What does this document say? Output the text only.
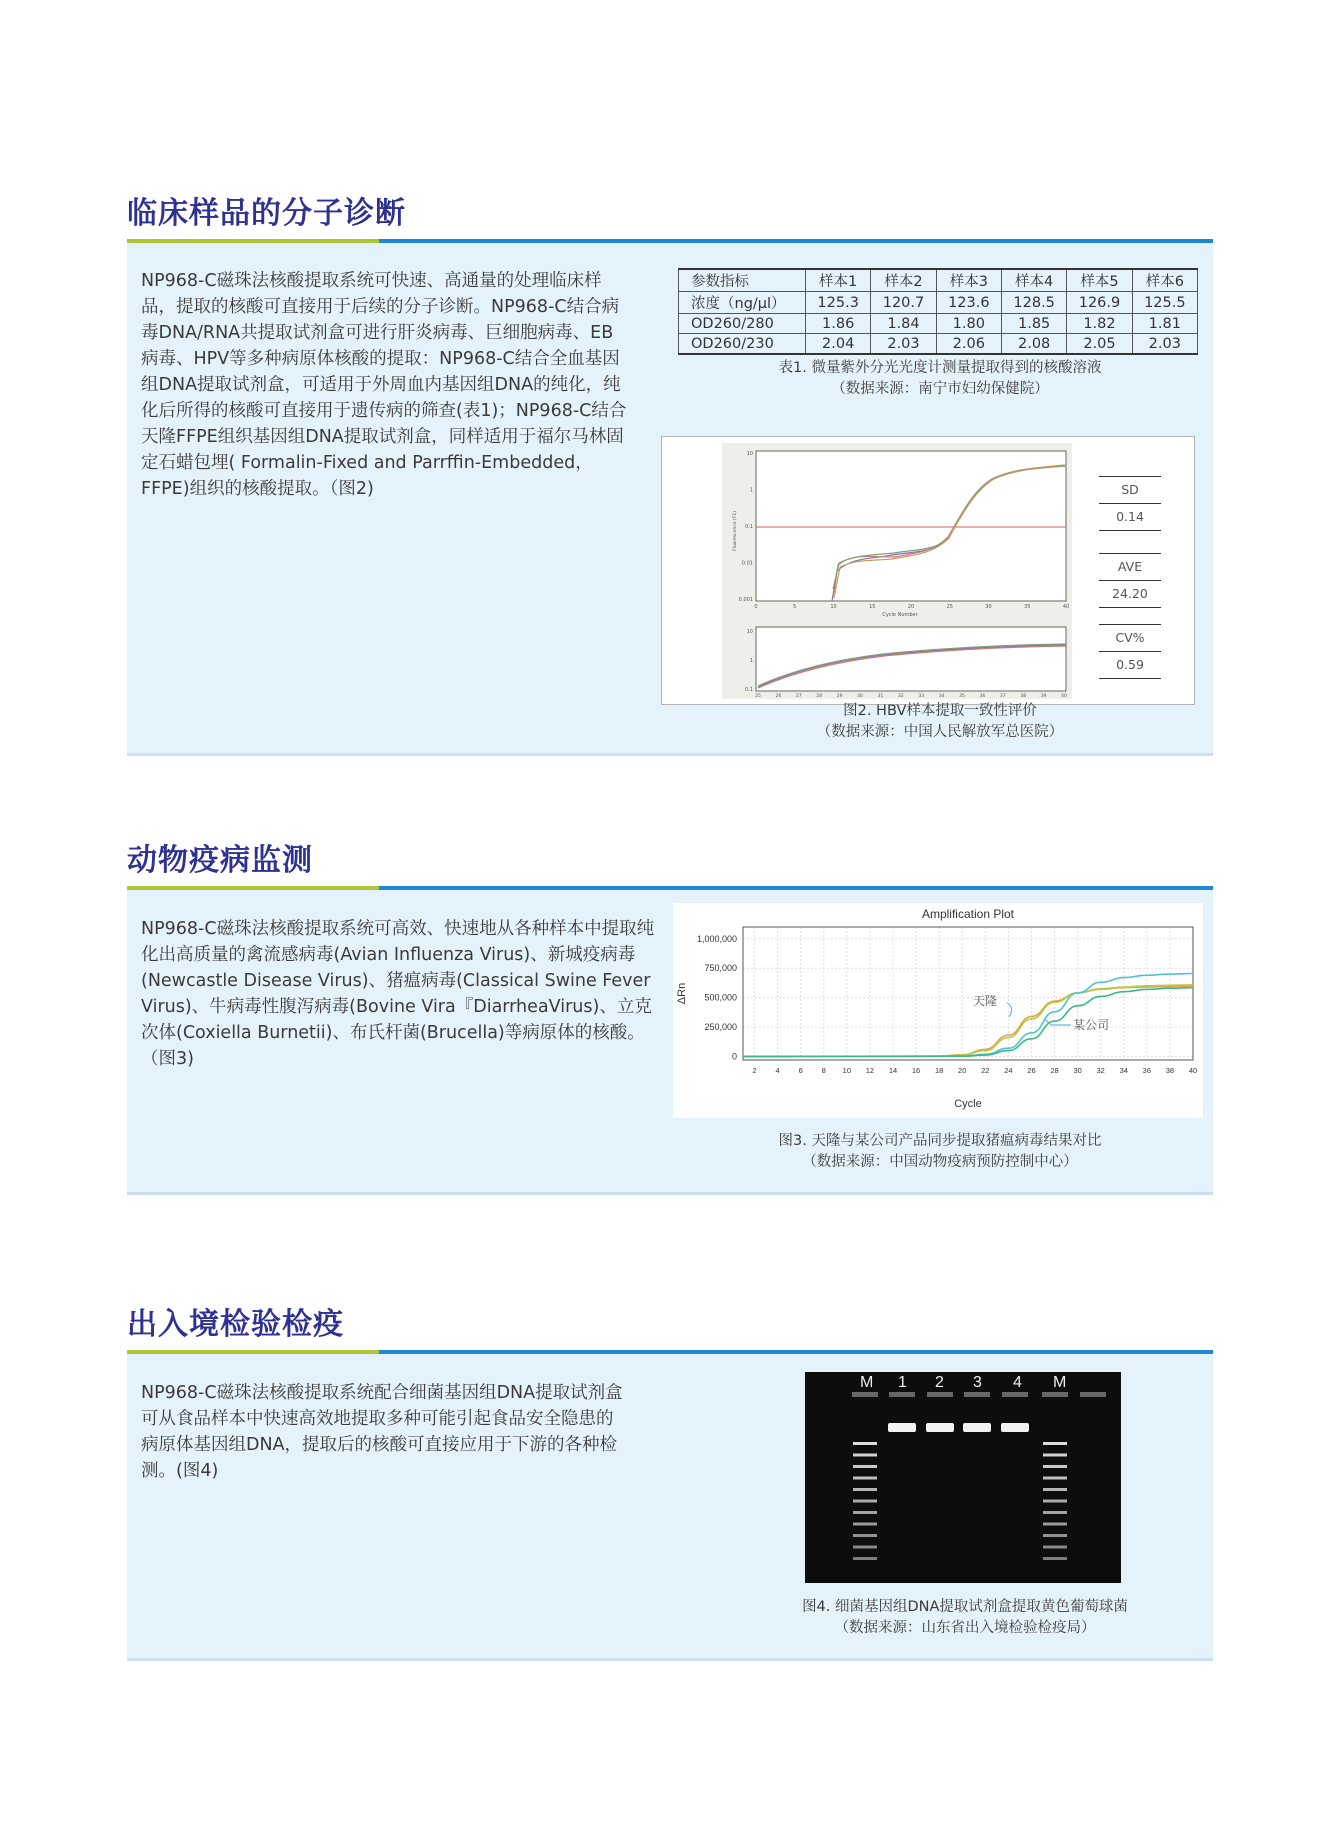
临床样品的分子诊断

NP968-C磁珠法核酸提取系统可快速、高通量的处理临床样品，提取的核酸可直接用于后续的分子诊断。NP968-C结合病毒DNA/RNA共提取试剂盒可进行肝炎病毒、巨细胞病毒、EB病毒、HPV等多种病原体核酸的提取：NP968-C结合全血基因组DNA提取试剂盒，可适用于外周血内基因组DNA的纯化，纯化后所得的核酸可直接用于遗传病的筛查(表1)；NP968-C结合天隆FFPE组织基因组DNA提取试剂盒，同样适用于福尔马林固定石蜡包埋( Formalin-Fixed and Parrffin-Embedded，FFPE)组织的核酸提取。（图2)

参数指标	样本1	样本2	样本3	样本4	样本5	样本6
浓度（ng/μl）	125.3	120.7	123.6	128.5	126.9	125.5
OD260/280	1.86	1.84	1.80	1.85	1.82	1.81
OD260/230	2.04	2.03	2.06	2.08	2.05	2.03
表1. 微量紫外分光光度计测量提取得到的核酸溶液
（数据来源：南宁市妇幼保健院）
10
1
0.1
0.01
0.001
0	5	10	15	20	25	30	35	40
Cycle Number
Fluorescence (F1)
10
1
0.1
25	26	27	28	29	30	31	32	33	34	35	36	37	38	39	40
SD
0.14
AVE
24.20
CV%
0.59
图2. HBV样本提取一致性评价
（数据来源：中国人民解放军总医院）
动物疫病监测

NP968-C磁珠法核酸提取系统可高效、快速地从各种样本中提取纯化出高质量的禽流感病毒(Avian Influenza Virus)、新城疫病毒(Newcastle Disease Virus)、猪瘟病毒(Classical Swine Fever Virus)、牛病毒性腹泻病毒(Bovine Vira『DiarrheaVirus)、立克次体(Coxiella Burnetii)、布氏杆菌(Brucella)等病原体的核酸。（图3)

Amplification Plot
2	4	6	8 10 12 14 16 18 20 22 24 26 28 30 32 34 36 38 40
0
250,000
500,000
750,000
1,000,000
Cycle
ΔRn	天隆
某公司
图3. 天隆与某公司产品同步提取猪瘟病毒结果对比
（数据来源：中国动物疫病预防控制中心）
出入境检验检疫

NP968-C磁珠法核酸提取系统配合细菌基因组DNA提取试剂盒可从食品样本中快速高效地提取多种可能引起食品安全隐患的病原体基因组DNA，提取后的核酸可直接应用于下游的各种检测。(图4)

M 1 2 3 4 M
图4. 细菌基因组DNA提取试剂盒提取黄色葡萄球菌
（数据来源：山东省出入境检验检疫局）
